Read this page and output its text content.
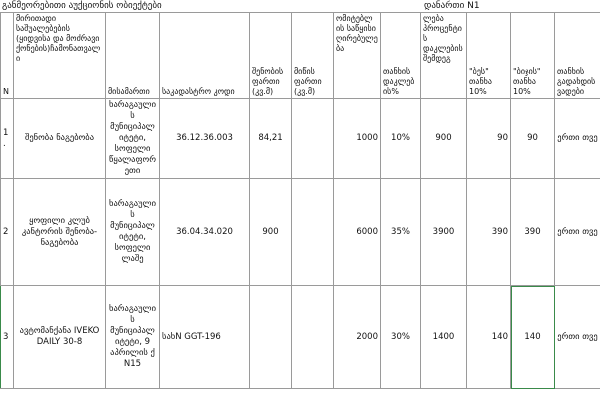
განმეორებითი აუქციონის ობიექტები	დანართი N1
N	მირითადი საშუალებების (ყიდვისა და მოძრავი ქონების)ჩამონათვალი	მისამართი	საკადასტრო კოდი	შენობის ფართი (კვ.მ)	მიწის ფართი (კვ.მ)	ომიტებლ ის საწყისი ღირებულება	თანხის დაკლებ ის%	ლება პროცენტის დაკლების შემდეგ	"ბეს" თანხა 10%	"ბიჯის" თანხა 10%	თანხის გადახდის ვადები
1.	შენობა ნაგებობა	ხარაგაულის მუნიციპალიტეტი, სოფელი წყალაფორეთი	36.12.36.003	84,21		1000	10%	900	90	90	ერთი თვე
2	ყოფილი კლუბ კანტორის შენობა-ნაგებობა	ხარაგაულის მუნიციპალიტეტი, სოფელი ლაშე	36.04.34.020	900		6000	35%	3900	390	390	ერთი თვე
3	ავტომანქანა IVEKO DAILY 30-8	ხარაგაულის მუნიციპალიტეტი, 9 აპრილის ქ N15	სახN GGT-196			2000	30%	1400	140	140	ერთი თვე
